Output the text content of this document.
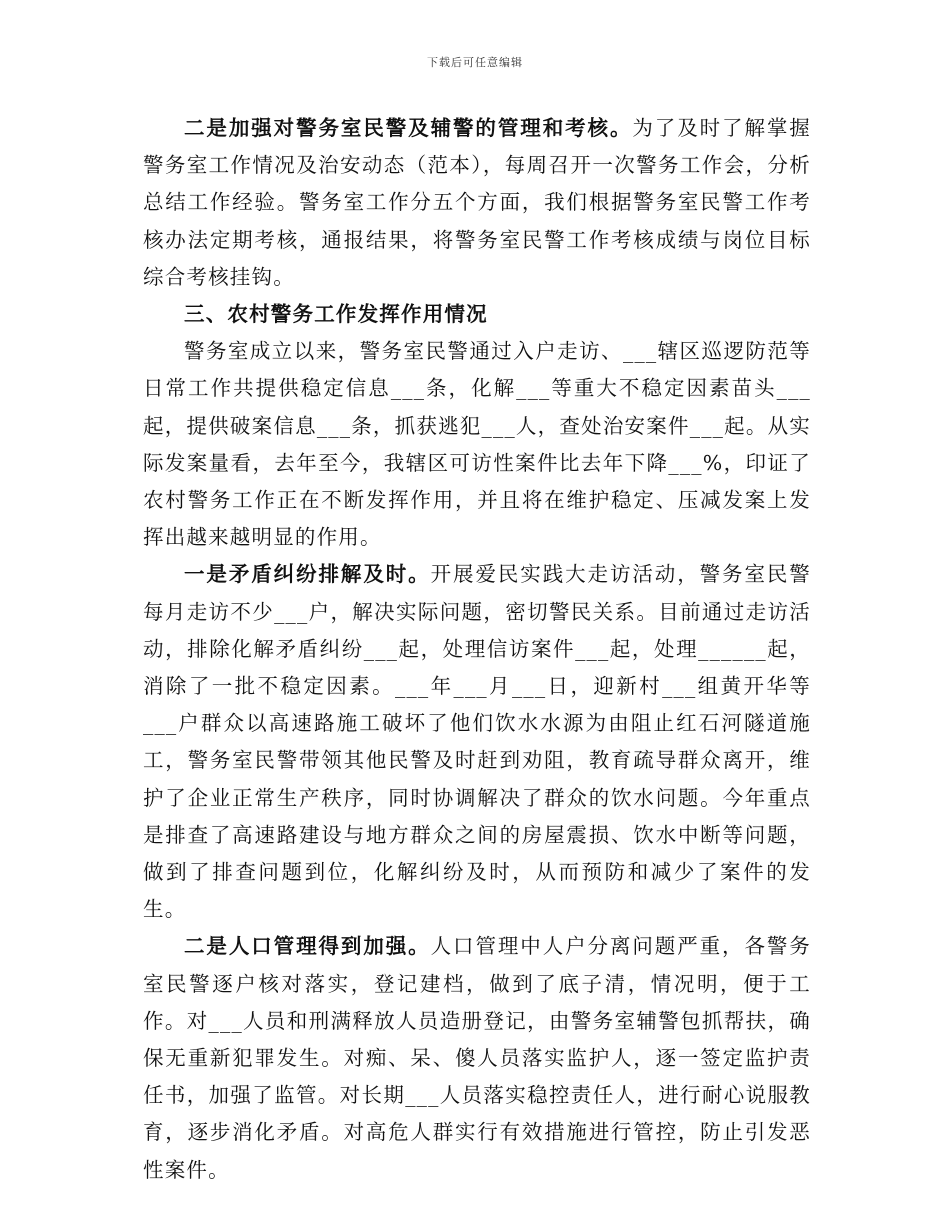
下载后可任意编辑

二是加强对警务室民警及辅警的管理和考核。为了及时了解掌握警务室工作情况及治安动态（范本），每周召开一次警务工作会，分析总结工作经验。警务室工作分五个方面，我们根据警务室民警工作考核办法定期考核，通报结果，将警务室民警工作考核成绩与岗位目标综合考核挂钩。

三、农村警务工作发挥作用情况

警务室成立以来，警务室民警通过入户走访、___辖区巡逻防范等日常工作共提供稳定信息___条，化解___等重大不稳定因素苗头___起，提供破案信息___条，抓获逃犯___人，查处治安案件___起。从实际发案量看，去年至今，我辖区可访性案件比去年下降___%，印证了农村警务工作正在不断发挥作用，并且将在维护稳定、压减发案上发挥出越来越明显的作用。

一是矛盾纠纷排解及时。开展爱民实践大走访活动，警务室民警每月走访不少___户，解决实际问题，密切警民关系。目前通过走访活动，排除化解矛盾纠纷___起，处理信访案件___起，处理______起，消除了一批不稳定因素。___年___月___日，迎新村___组黄开华等___户群众以高速路施工破坏了他们饮水水源为由阻止红石河隧道施工，警务室民警带领其他民警及时赶到劝阻，教育疏导群众离开，维护了企业正常生产秩序，同时协调解决了群众的饮水问题。今年重点是排查了高速路建设与地方群众之间的房屋震损、饮水中断等问题，做到了排查问题到位，化解纠纷及时，从而预防和减少了案件的发生。

二是人口管理得到加强。人口管理中人户分离问题严重，各警务室民警逐户核对落实，登记建档，做到了底子清，情况明，便于工作。对___人员和刑满释放人员造册登记，由警务室辅警包抓帮扶，确保无重新犯罪发生。对痴、呆、傻人员落实监护人，逐一签定监护责任书，加强了监管。对长期___人员落实稳控责任人，进行耐心说服教育，逐步消化矛盾。对高危人群实行有效措施进行管控，防止引发恶性案件。
